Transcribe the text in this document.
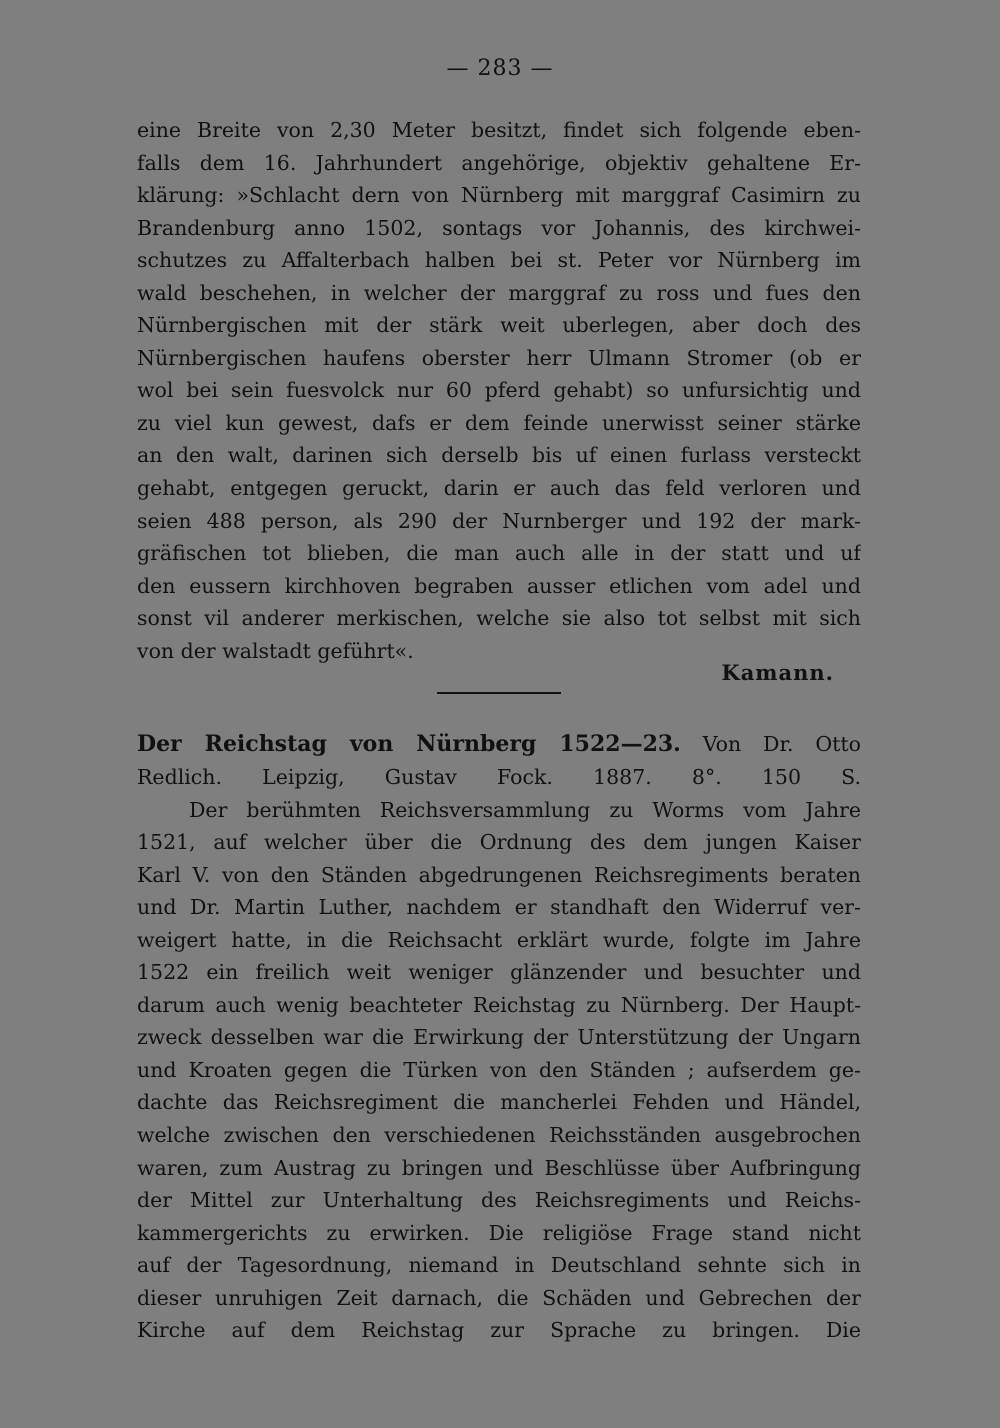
— 283 —
eine Breite von 2,30 Meter besitzt, findet sich folgende eben-
falls dem 16. Jahrhundert angehörige, objektiv gehaltene Er-
klärung: »Schlacht dern von Nürnberg mit marggraf Casimirn zu
Brandenburg anno 1502, sontags vor Johannis, des kirchwei-
schutzes zu Affalterbach halben bei st. Peter vor Nürnberg im
wald beschehen, in welcher der marggraf zu ross und fues den
Nürnbergischen mit der stärk weit uberlegen, aber doch des
Nürnbergischen haufens oberster herr Ulmann Stromer (ob er
wol bei sein fuesvolck nur 60 pferd gehabt) so unfursichtig und
zu viel kun gewest, dafs er dem feinde unerwisst seiner stärke
an den walt, darinen sich derselb bis uf einen furlass versteckt
gehabt, entgegen geruckt, darin er auch das feld verloren und
seien 488 person, als 290 der Nurnberger und 192 der mark-
gräfischen tot blieben, die man auch alle in der statt und uf
den eussern kirchhoven begraben ausser etlichen vom adel und
sonst vil anderer merkischen, welche sie also tot selbst mit sich
von der walstadt geführt«.
Kamann.
Der Reichstag von Nürnberg 1522—23. Von Dr. Otto
Redlich. Leipzig, Gustav Fock. 1887. 8°. 150 S.
Der berühmten Reichsversammlung zu Worms vom Jahre
1521, auf welcher über die Ordnung des dem jungen Kaiser
Karl V. von den Ständen abgedrungenen Reichsregiments beraten
und Dr. Martin Luther, nachdem er standhaft den Widerruf ver-
weigert hatte, in die Reichsacht erklärt wurde, folgte im Jahre
1522 ein freilich weit weniger glänzender und besuchter und
darum auch wenig beachteter Reichstag zu Nürnberg. Der Haupt-
zweck desselben war die Erwirkung der Unterstützung der Ungarn
und Kroaten gegen die Türken von den Ständen ; aufserdem ge-
dachte das Reichsregiment die mancherlei Fehden und Händel,
welche zwischen den verschiedenen Reichsständen ausgebrochen
waren, zum Austrag zu bringen und Beschlüsse über Aufbringung
der Mittel zur Unterhaltung des Reichsregiments und Reichs-
kammergerichts zu erwirken. Die religiöse Frage stand nicht
auf der Tagesordnung, niemand in Deutschland sehnte sich in
dieser unruhigen Zeit darnach, die Schäden und Gebrechen der
Kirche auf dem Reichstag zur Sprache zu bringen. Die
